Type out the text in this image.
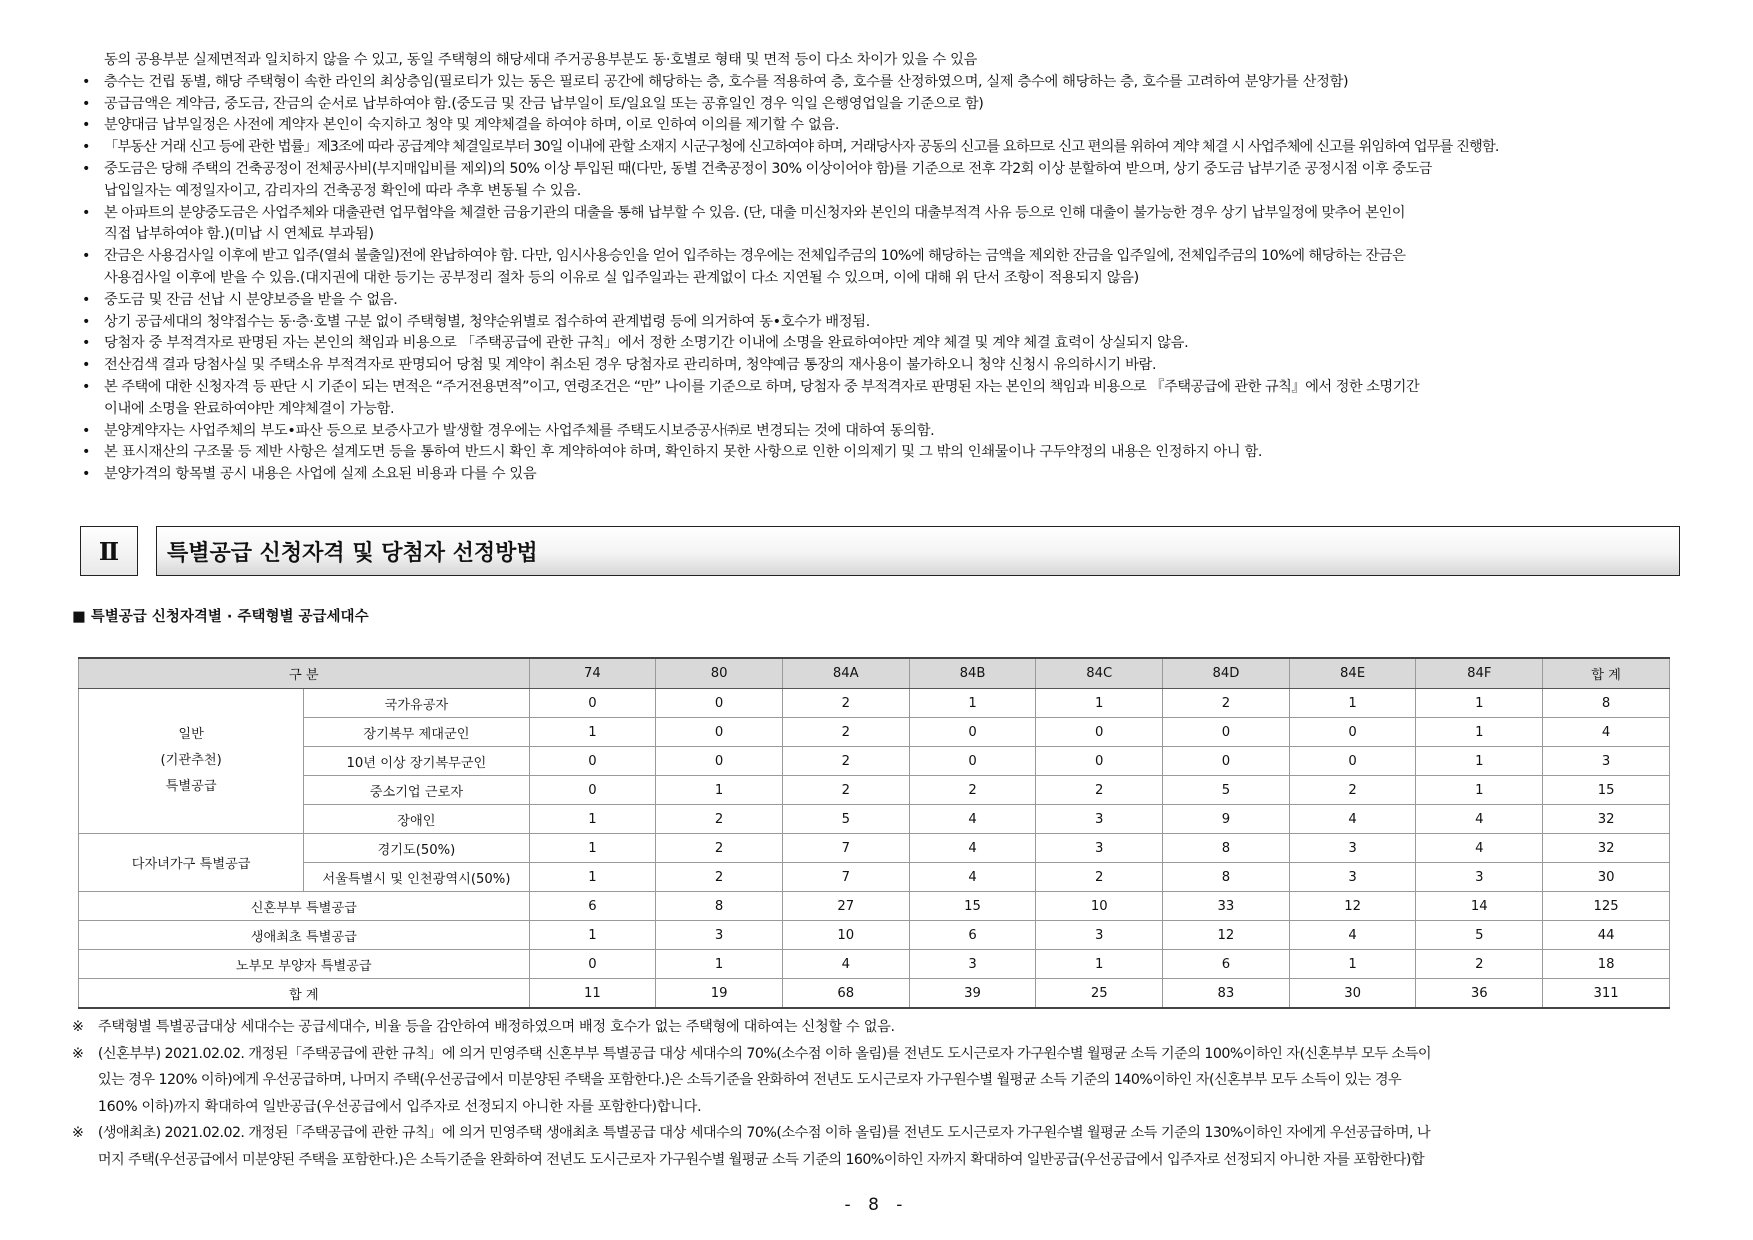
동의 공용부분 실제면적과 일치하지 않을 수 있고, 동일 주택형의 해당세대 주거공용부분도 동·호별로 형태 및 면적 등이 다소 차이가 있을 수 있음
• 층수는 건립 동별, 해당 주택형이 속한 라인의 최상층임(필로티가 있는 동은 필로티 공간에 해당하는 층, 호수를 적용하여 층, 호수를 산정하였으며, 실제 층수에 해당하는 층, 호수를 고려하여 분양가를 산정함)
• 공급금액은 계약금, 중도금, 잔금의 순서로 납부하여야 함.(중도금 및 잔금 납부일이 토/일요일 또는 공휴일인 경우 익일 은행영업일을 기준으로 함)
• 분양대금 납부일정은 사전에 계약자 본인이 숙지하고 청약 및 계약체결을 하여야 하며, 이로 인하여 이의를 제기할 수 없음.
• 「부동산 거래 신고 등에 관한 법률」제3조에 따라 공급계약 체결일로부터 30일 이내에 관할 소재지 시군구청에 신고하여야 하며, 거래당사자 공동의 신고를 요하므로 신고 편의를 위하여 계약 체결 시 사업주체에 신고를 위임하여 업무를 진행함.
• 중도금은 당해 주택의 건축공정이 전체공사비(부지매입비를 제외)의 50% 이상 투입된 때(다만, 동별 건축공정이 30% 이상이어야 함)를 기준으로 전후 각2회 이상 분할하여 받으며, 상기 중도금 납부기준 공정시점 이후 중도금
납입일자는 예정일자이고, 감리자의 건축공정 확인에 따라 추후 변동될 수 있음.
• 본 아파트의 분양중도금은 사업주체와 대출관련 업무협약을 체결한 금융기관의 대출을 통해 납부할 수 있음. (단, 대출 미신청자와 본인의 대출부적격 사유 등으로 인해 대출이 불가능한 경우 상기 납부일정에 맞추어 본인이
직접 납부하여야 함.)(미납 시 연체료 부과됨)
• 잔금은 사용검사일 이후에 받고 입주(열쇠 불출일)전에 완납하여야 함. 다만, 임시사용승인을 얻어 입주하는 경우에는 전체입주금의 10%에 해당하는 금액을 제외한 잔금을 입주일에, 전체입주금의 10%에 해당하는 잔금은
사용검사일 이후에 받을 수 있음.(대지권에 대한 등기는 공부정리 절차 등의 이유로 실 입주일과는 관계없이 다소 지연될 수 있으며, 이에 대해 위 단서 조항이 적용되지 않음)
• 중도금 및 잔금 선납 시 분양보증을 받을 수 없음.
• 상기 공급세대의 청약접수는 동·층·호별 구분 없이 주택형별, 청약순위별로 접수하여 관계법령 등에 의거하여 동•호수가 배정됨.
• 당첨자 중 부적격자로 판명된 자는 본인의 책임과 비용으로 「주택공급에 관한 규칙」에서 정한 소명기간 이내에 소명을 완료하여야만 계약 체결 및 계약 체결 효력이 상실되지 않음.
• 전산검색 결과 당첨사실 및 주택소유 부적격자로 판명되어 당첨 및 계약이 취소된 경우 당첨자로 관리하며, 청약예금 통장의 재사용이 불가하오니 청약 신청시 유의하시기 바람.
• 본 주택에 대한 신청자격 등 판단 시 기준이 되는 면적은 “주거전용면적”이고, 연령조건은 “만” 나이를 기준으로 하며, 당첨자 중 부적격자로 판명된 자는 본인의 책임과 비용으로 『주택공급에 관한 규칙』에서 정한 소명기간
이내에 소명을 완료하여야만 계약체결이 가능함.
• 분양계약자는 사업주체의 부도•파산 등으로 보증사고가 발생할 경우에는 사업주체를 주택도시보증공사㈜로 변경되는 것에 대하여 동의함.
• 본 표시재산의 구조물 등 제반 사항은 설계도면 등을 통하여 반드시 확인 후 계약하여야 하며, 확인하지 못한 사항으로 인한 이의제기 및 그 밖의 인쇄물이나 구두약정의 내용은 인정하지 아니 함.
• 분양가격의 항목별 공시 내용은 사업에 실제 소요된 비용과 다를 수 있음
Ⅱ	특별공급 신청자격 및 당첨자 선정방법
■ 특별공급 신청자격별 · 주택형별 공급세대수
구 분		74	80	84A	84B	84C	84D	84E	84F	합 계

일반
(기관추천)
특별공급	국가유공자	0	0	2	1	1	2	1	1	8
	장기복무 제대군인	1	0	2	0	0	0	0	1	4
	10년 이상 장기복무군인	0	0	2	0	0	0	0	1	3
	중소기업 근로자	0	1	2	2	2	5	2	1	15
	장애인	1	2	5	4	3	9	4	4	32
다자녀가구 특별공급	경기도(50%)	1	2	7	4	3	8	3	4	32
	서울특별시 및 인천광역시(50%)	1	2	7	4	2	8	3	3	30
신혼부부 특별공급		6	8	27	15	10	33	12	14	125
생애최초 특별공급		1	3	10	6	3	12	4	5	44
노부모 부양자 특별공급		0	1	4	3	1	6	1	2	18
합 계		11	19	68	39	25	83	30	36	311
※ 주택형별 특별공급대상 세대수는 공급세대수, 비율 등을 감안하여 배정하였으며 배정 호수가 없는 주택형에 대하여는 신청할 수 없음.
※ (신혼부부) 2021.02.02. 개정된「주택공급에 관한 규칙」에 의거 민영주택 신혼부부 특별공급 대상 세대수의 70%(소수점 이하 올림)를 전년도 도시근로자 가구원수별 월평균 소득 기준의 100%이하인 자(신혼부부 모두 소득이
있는 경우 120% 이하)에게 우선공급하며, 나머지 주택(우선공급에서 미분양된 주택을 포함한다.)은 소득기준을 완화하여 전년도 도시근로자 가구원수별 월평균 소득 기준의 140%이하인 자(신혼부부 모두 소득이 있는 경우
160% 이하)까지 확대하여 일반공급(우선공급에서 입주자로 선정되지 아니한 자를 포함한다)합니다.
※ (생애최초) 2021.02.02. 개정된「주택공급에 관한 규칙」에 의거 민영주택 생애최초 특별공급 대상 세대수의 70%(소수점 이하 올림)를 전년도 도시근로자 가구원수별 월평균 소득 기준의 130%이하인 자에게 우선공급하며, 나
머지 주택(우선공급에서 미분양된 주택을 포함한다.)은 소득기준을 완화하여 전년도 도시근로자 가구원수별 월평균 소득 기준의 160%이하인 자까지 확대하여 일반공급(우선공급에서 입주자로 선정되지 아니한 자를 포함한다)합
- 8 -
